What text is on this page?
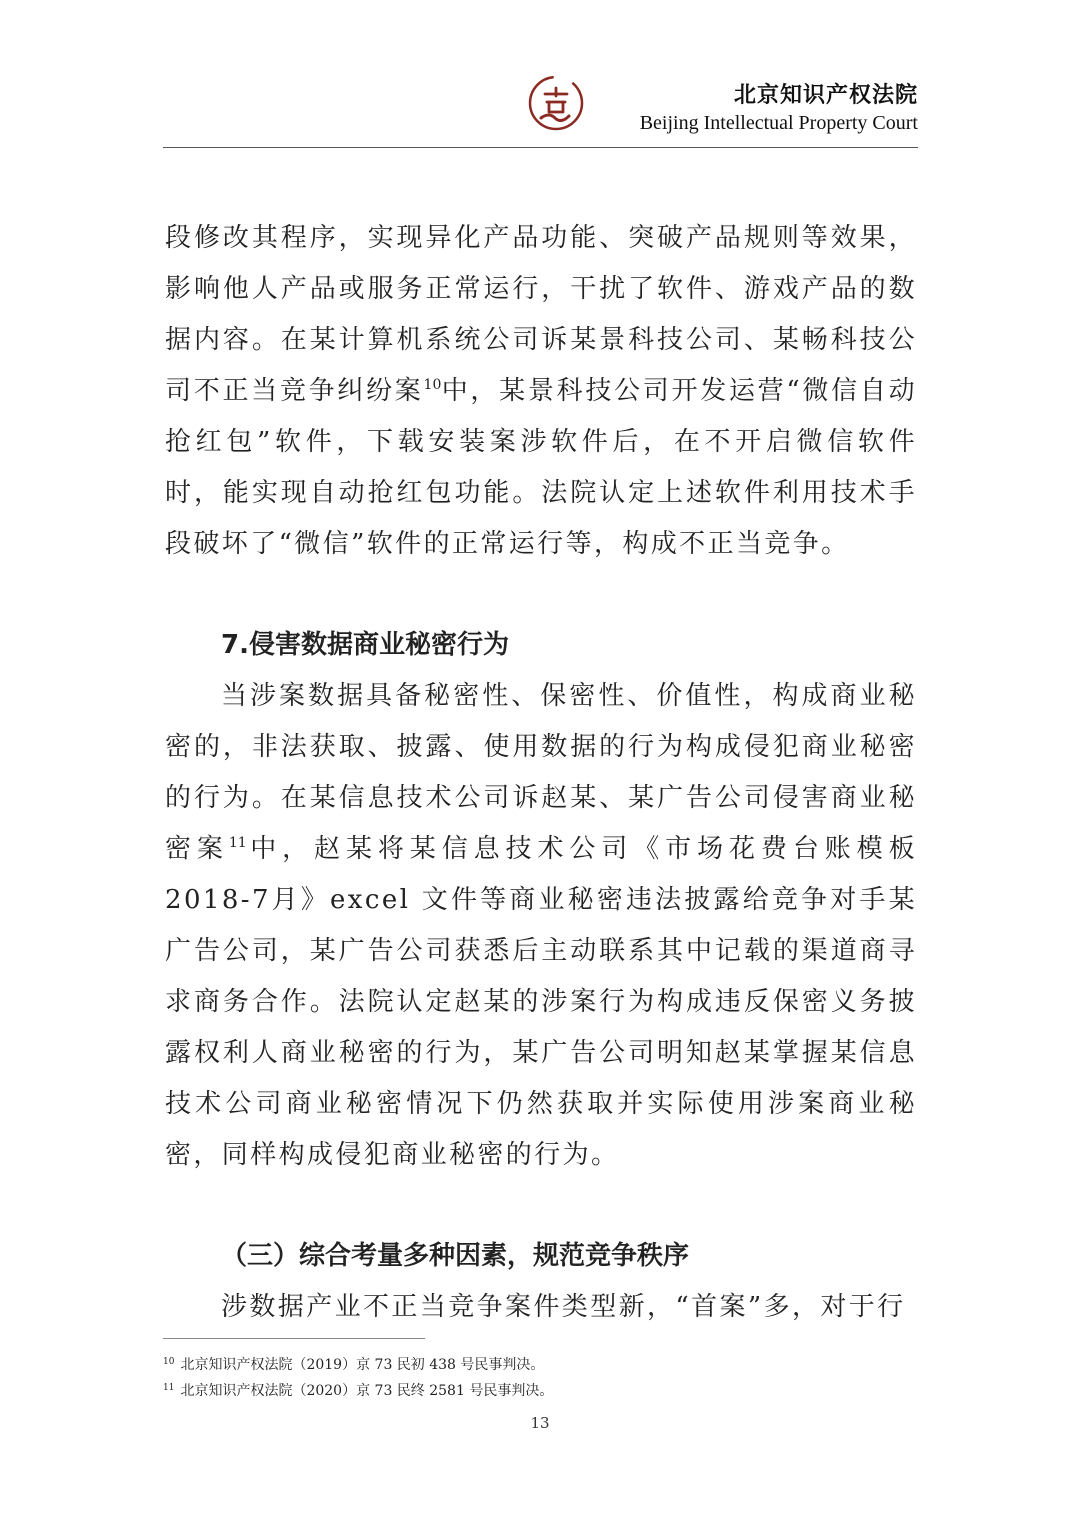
北京知识产权法院
Beijing Intellectual Property Court

段修改其程序，实现异化产品功能、突破产品规则等效果，影响他人产品或服务正常运行，干扰了软件、游戏产品的数据内容。在某计算机系统公司诉某景科技公司、某畅科技公司不正当竞争纠纷案$^{10}$中，某景科技公司开发运营“微信自动抢红包”软件，下载安装案涉软件后，在不开启微信软件时，能实现自动抢红包功能。法院认定上述软件利用技术手段破坏了“微信”软件的正常运行等，构成不正当竞争。

7.侵害数据商业秘密行为

当涉案数据具备秘密性、保密性、价值性，构成商业秘密的，非法获取、披露、使用数据的行为构成侵犯商业秘密的行为。在某信息技术公司诉赵某、某广告公司侵害商业秘密案$^{11}$中，赵某将某信息技术公司《市场花费台账模板 2018-7月》excel 文件等商业秘密违法披露给竞争对手某广告公司，某广告公司获悉后主动联系其中记载的渠道商寻求商务合作。法院认定赵某的涉案行为构成违反保密义务披露权利人商业秘密的行为，某广告公司明知赵某掌握某信息技术公司商业秘密情况下仍然获取并实际使用涉案商业秘密，同样构成侵犯商业秘密的行为。

（三）综合考量多种因素，规范竞争秩序

涉数据产业不正当竞争案件类型新，“首案”多，对于行

$^{10}$ 北京知识产权法院（2019）京 73 民初 438 号民事判决。

$^{11}$ 北京知识产权法院（2020）京 73 民终 2581 号民事判决。

13
